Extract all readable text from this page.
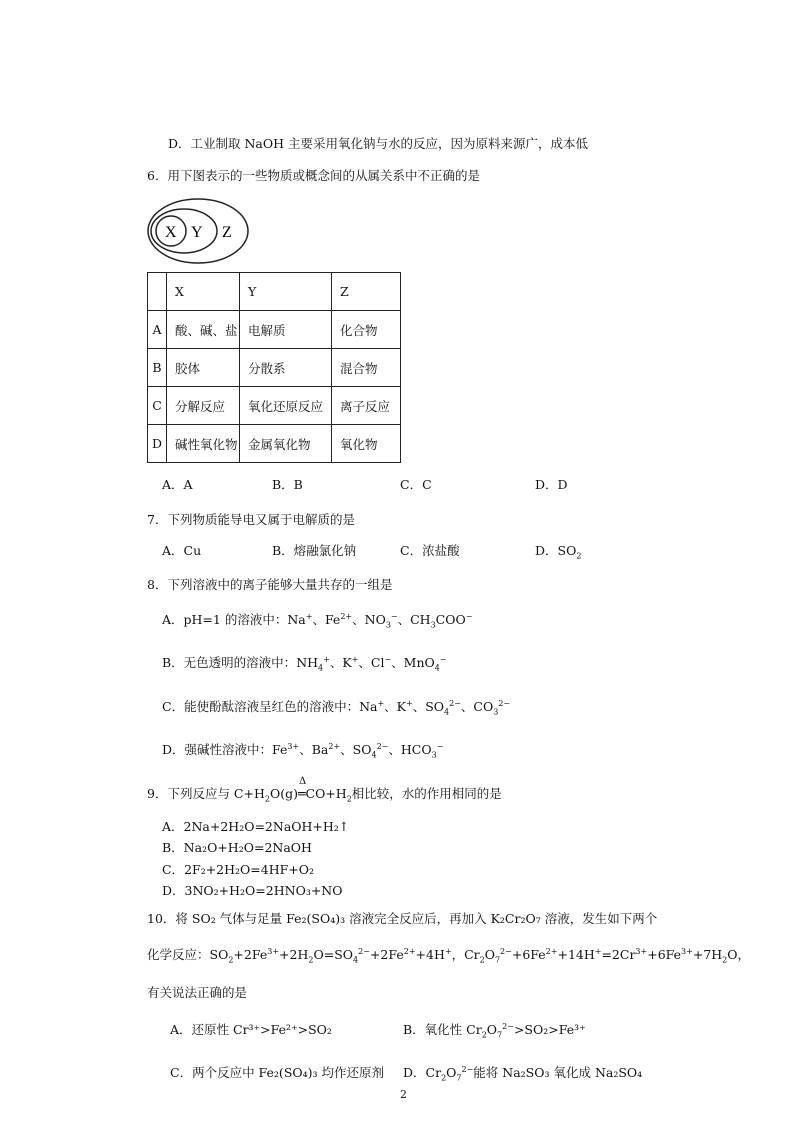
D．工业制取 NaOH 主要采用氧化钠与水的反应，因为原料来源广，成本低
6．用下图表示的一些物质或概念间的从属关系中不正确的是
X Y Z
	X	Y	Z
A	酸、碱、盐	电解质	化合物
B	胶体	分散系	混合物
C	分解反应	氧化还原反应	离子反应
D	碱性氧化物	金属氧化物	氧化物
A．A	B．B	C．C	D．D
7．下列物质能导电又属于电解质的是
A．Cu	B．熔融氯化钠	C．浓盐酸	D．$SO_2$
8．下列溶液中的离子能够大量共存的一组是
A．pH=1 的溶液中：Na+、$Fe^{2+}$、$NO_3^-$、$CH_3COO^-$
B．无色透明的溶液中：$NH_4^+$、K+、Cl−、MnO$_4$−
C．能使酚酞溶液呈红色的溶液中：Na+、K+、$SO_4^{2-}$、$CO_3^{2-}$
D．强碱性溶液中：$Fe^{3+}$、$Ba^{2+}$、$SO_4^{2-}$、$HCO_3^-$
9．下列反应与 $C+H_2O(g)$
Δ
$═CO+H_2$相比较，水的作用相同的是
A．2Na+2H₂O=2NaOH+H₂↑
B．Na₂O+H₂O=2NaOH
C．2F₂+2H₂O=4HF+O₂
D．3NO₂+H₂O=2HNO₃+NO
10．将 SO₂ 气体与足量 Fe₂(SO₄)₃ 溶液完全反应后，再加入 K₂Cr₂O₇ 溶液，发生如下两个
化学反应：$SO_2+2Fe^{3+}+2H_2O=SO_4^{2-}+2Fe^{2+}+4H^+$，$Cr_2O_7^{2-}+6Fe^{2+}+14H^+=2Cr^{3+}+6Fe^{3+}+7H_2O$，
有关说法正确的是
A．还原性 Cr³⁺>Fe²⁺>SO₂	B．氧化性 $Cr_2O_7^{2-}>SO_2>Fe^{3+}$
C．两个反应中 Fe₂(SO₄)₃ 均作还原剂 D．$Cr_2O_7^{2-}$能将 Na₂SO₃ 氧化成 Na₂SO₄
2
